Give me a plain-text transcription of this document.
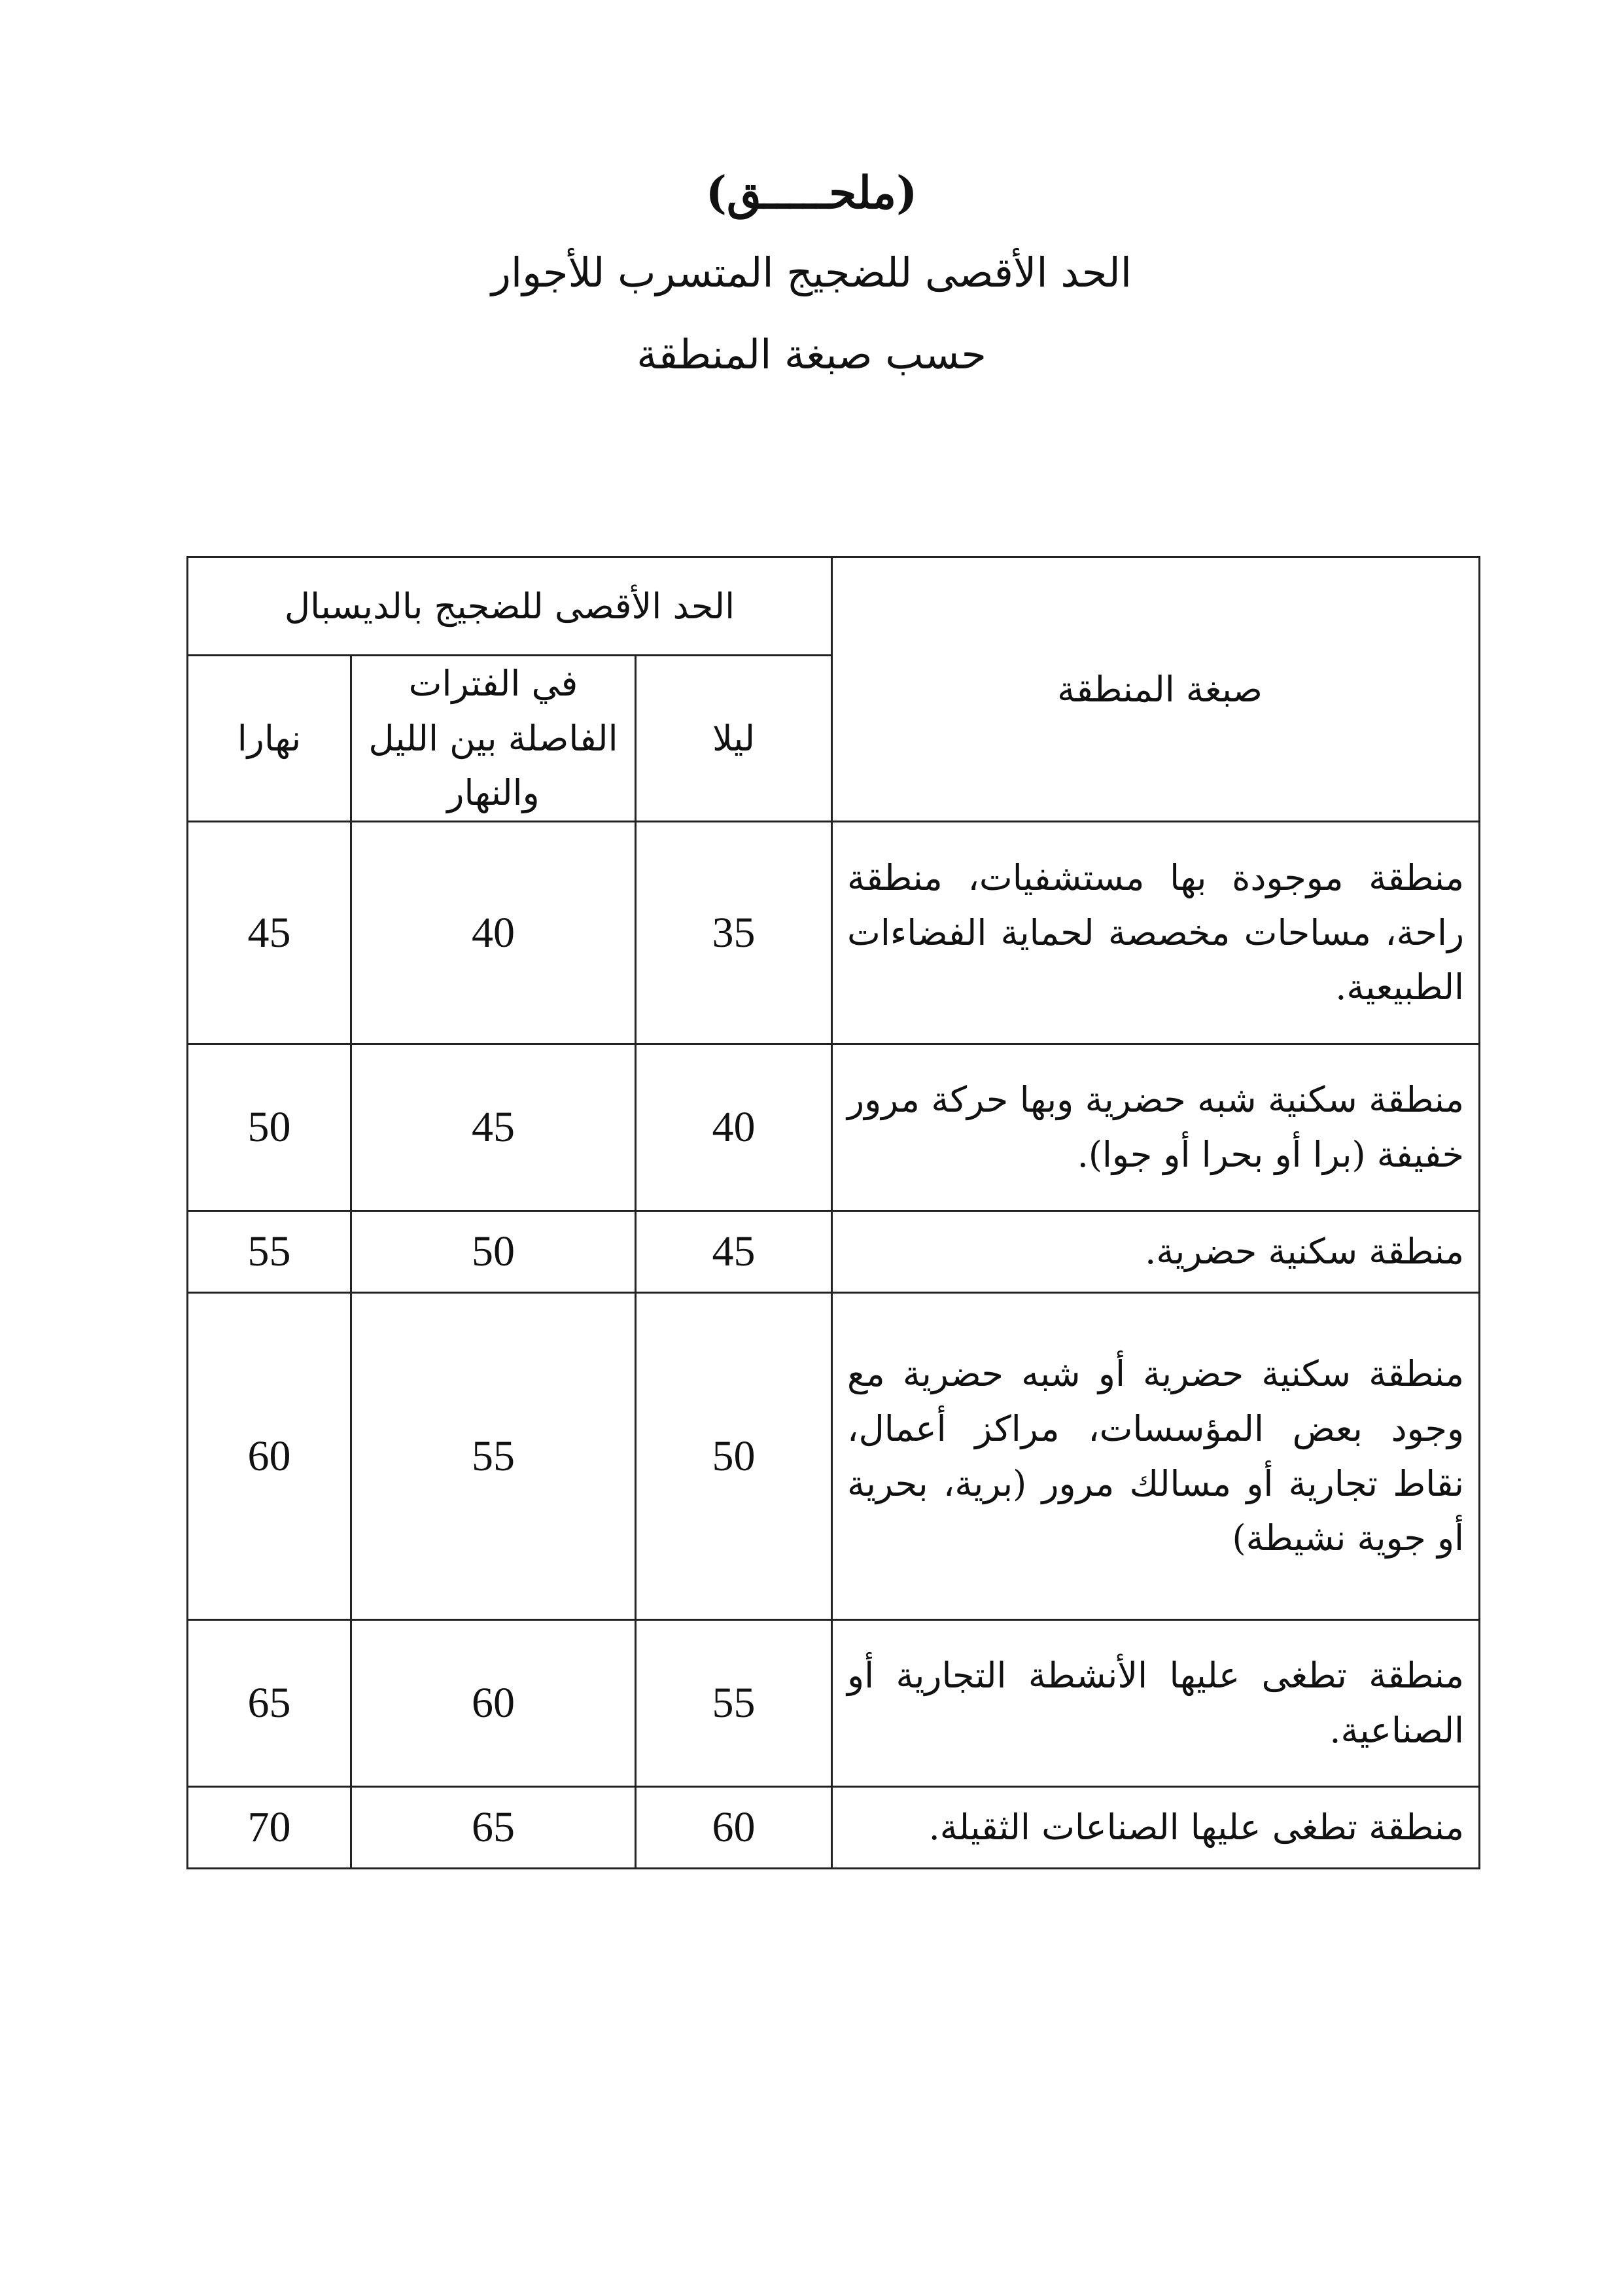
(ملحـــــق)
الحد الأقصى للضجيج المتسرب للأجوار
حسب صبغة المنطقة
صبغة المنطقة	الحد الأقصى للضجيج بالديسبال		
	ليلا	في الفترات الفاصلة بين الليل والنهار	نهارا
منطقة موجودة بها مستشفيات، منطقة راحة، مساحات مخصصة لحماية الفضاءات الطبيعية.	35	40	45
منطقة سكنية شبه حضرية وبها حركة مرور خفيفة (برا أو بحرا أو جوا).	40	45	50
منطقة سكنية حضرية.	45	50	55
منطقة سكنية حضرية أو شبه حضرية مع وجود بعض المؤسسات، مراكز أعمال، نقاط تجارية أو مسالك مرور (برية، بحرية أو جوية نشيطة)	50	55	60
منطقة تطغى عليها الأنشطة التجارية أو الصناعية.	55	60	65
منطقة تطغى عليها الصناعات الثقيلة.	60	65	70
